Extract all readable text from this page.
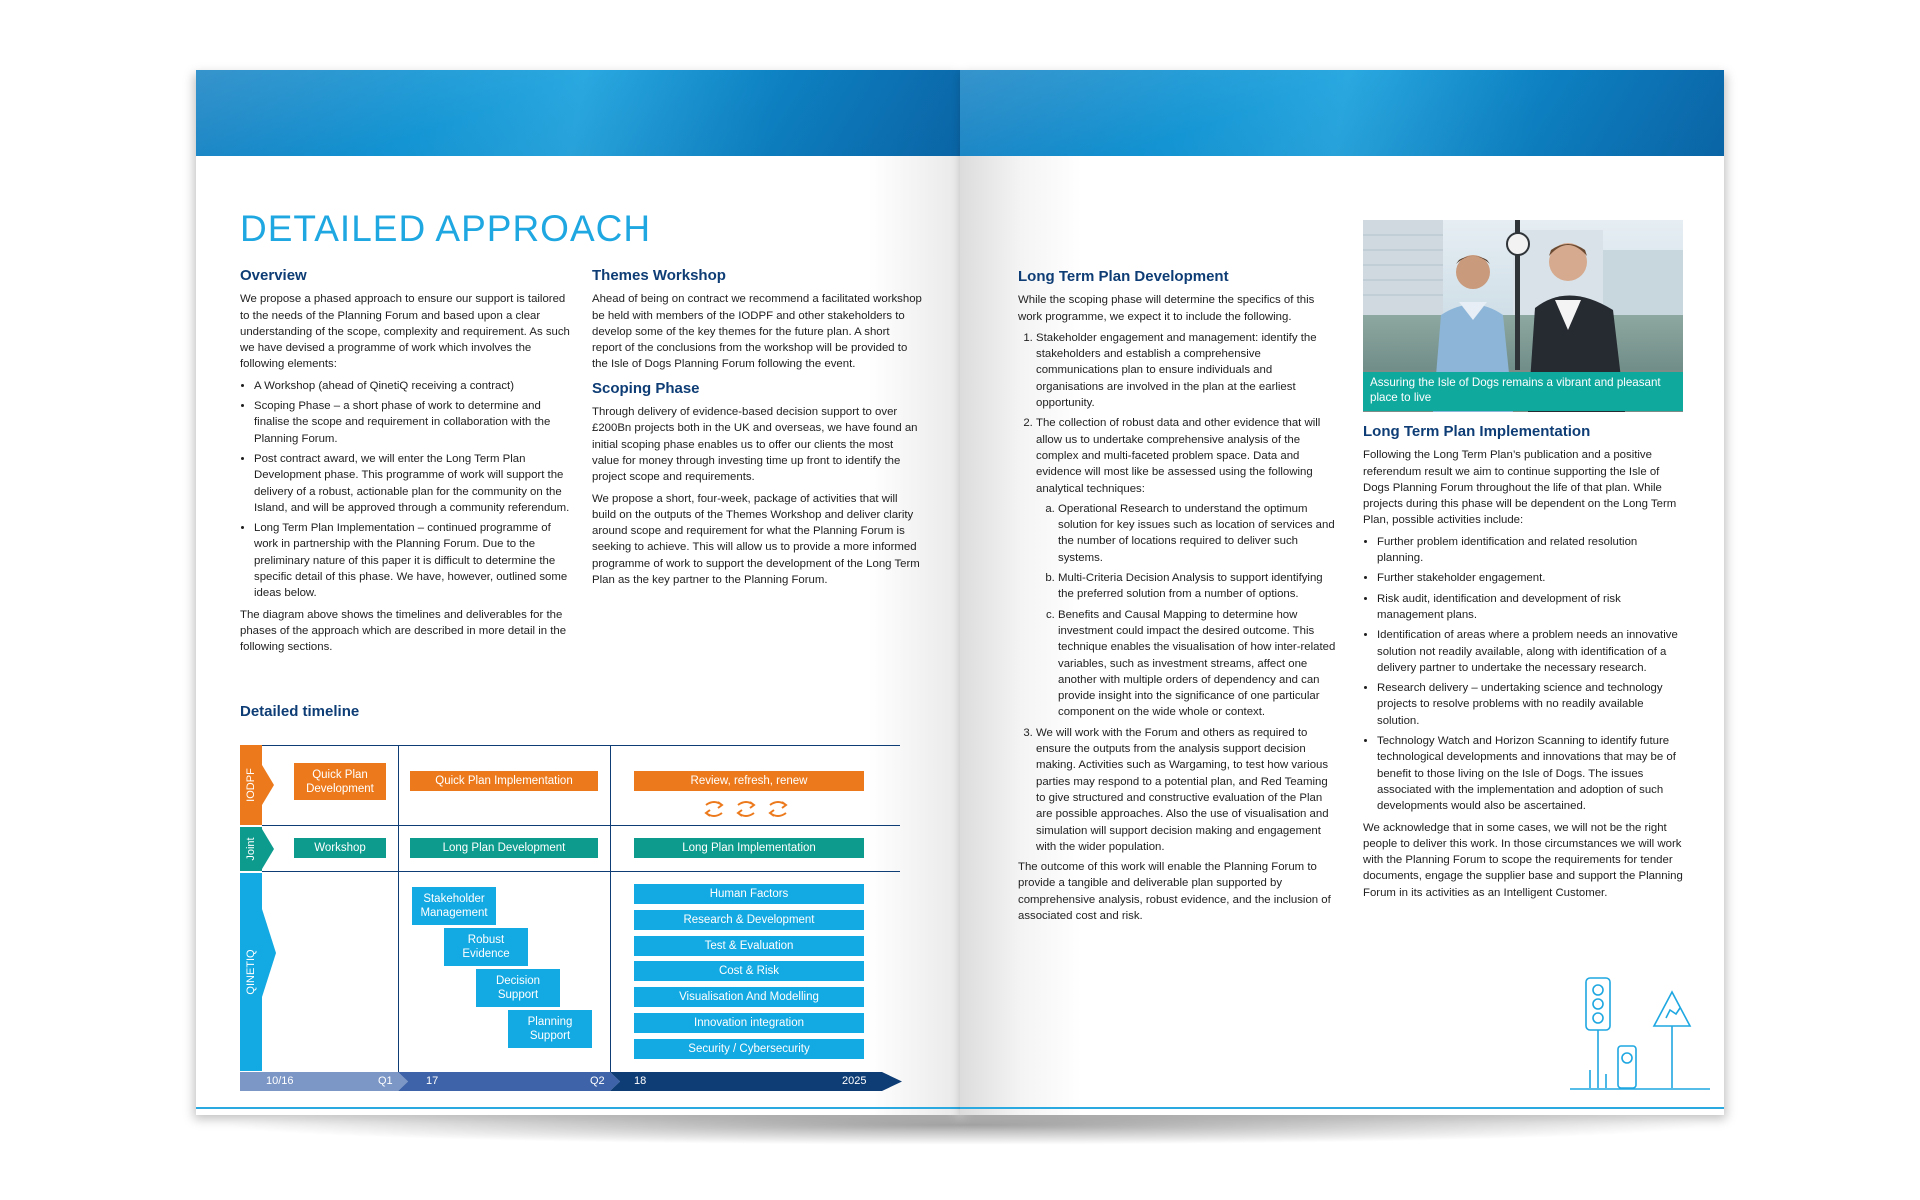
DETAILED APPROACH
Overview

We propose a phased approach to ensure our support is tailored to the needs of the Planning Forum and based upon a clear understanding of the scope, complexity and requirement. As such we have devised a programme of work which involves the following elements:

• A Workshop (ahead of QinetiQ receiving a contract)
• Scoping Phase – a short phase of work to determine and finalise the scope and requirement in collaboration with the Planning Forum.
• Post contract award, we will enter the Long Term Plan Development phase. This programme of work will support the delivery of a robust, actionable plan for the community on the Island, and will be approved through a community referendum.
• Long Term Plan Implementation – continued programme of work in partnership with the Planning Forum. Due to the preliminary nature of this paper it is difficult to determine the specific detail of this phase. We have, however, outlined some ideas below.

The diagram above shows the timelines and deliverables for the phases of the approach which are described in more detail in the following sections.

Themes Workshop

Ahead of being on contract we recommend a facilitated workshop be held with members of the IODPF and other stakeholders to develop some of the key themes for the future plan. A short report of the conclusions from the workshop will be provided to the Isle of Dogs Planning Forum following the event.

Scoping Phase

Through delivery of evidence-based decision support to over £200Bn projects both in the UK and overseas, we have found an initial scoping phase enables us to offer our clients the most value for money through investing time up front to identify the project scope and requirements.

We propose a short, four-week, package of activities that will build on the outputs of the Themes Workshop and deliver clarity around scope and requirement for what the Planning Forum is seeking to achieve. This will allow us to provide a more informed programme of work to support the development of the Long Term Plan as the key partner to the Planning Forum.

Detailed timeline
IODPF
Joint
QINETIQ
Quick Plan Development
Quick Plan Implementation	Review, refresh, renew
Workshop	Long Plan Development	Long Plan Implementation
Stakeholder Management
Robust Evidence
Decision Support
Planning Support
Human Factors
Research & Development
Test & Evaluation
Cost & Risk
Visualisation And Modelling
Innovation integration
Security / Cybersecurity
10/16	Q1	17	Q2	18	2025
Long Term Plan Development

While the scoping phase will determine the specifics of this work programme, we expect it to include the following.

1. Stakeholder engagement and management: identify the stakeholders and establish a comprehensive communications plan to ensure individuals and organisations are involved in the plan at the earliest opportunity.
2. The collection of robust data and other evidence that will allow us to undertake comprehensive analysis of the complex and multi-faceted problem space. Data and evidence will most like be assessed using the following analytical techniques:
a. Operational Research to understand the optimum solution for key issues such as location of services and the number of locations required to deliver such systems.
b. Multi-Criteria Decision Analysis to support identifying the preferred solution from a number of options.
c. Benefits and Causal Mapping to determine how investment could impact the desired outcome. This technique enables the visualisation of how inter-related variables, such as investment streams, affect one another with multiple orders of dependency and can provide insight into the significance of one particular component on the wide whole or context.
3. We will work with the Forum and others as required to ensure the outputs from the analysis support decision making. Activities such as Wargaming, to test how various parties may respond to a potential plan, and Red Teaming to give structured and constructive evaluation of the Plan are possible approaches. Also the use of visualisation and simulation will support decision making and engagement with the wider population.

The outcome of this work will enable the Planning Forum to provide a tangible and deliverable plan supported by comprehensive analysis, robust evidence, and the inclusion of associated cost and risk.

Assuring the Isle of Dogs remains a vibrant and pleasant place to live
Long Term Plan Implementation

Following the Long Term Plan’s publication and a positive referendum result we aim to continue supporting the Isle of Dogs Planning Forum throughout the life of that plan. While projects during this phase will be dependent on the Long Term Plan, possible activities include:

• Further problem identification and related resolution planning.
• Further stakeholder engagement.
• Risk audit, identification and development of risk management plans.
• Identification of areas where a problem needs an innovative solution not readily available, along with identification of a delivery partner to undertake the necessary research.
• Research delivery – undertaking science and technology projects to resolve problems with no readily available solution.
• Technology Watch and Horizon Scanning to identify future technological developments and innovations that may be of benefit to those living on the Isle of Dogs. The issues associated with the implementation and adoption of such developments would also be ascertained.

We acknowledge that in some cases, we will not be the right people to deliver this work. In those circumstances we will work with the Planning Forum to scope the requirements for tender documents, engage the supplier base and support the Planning Forum in its activities as an Intelligent Customer.
